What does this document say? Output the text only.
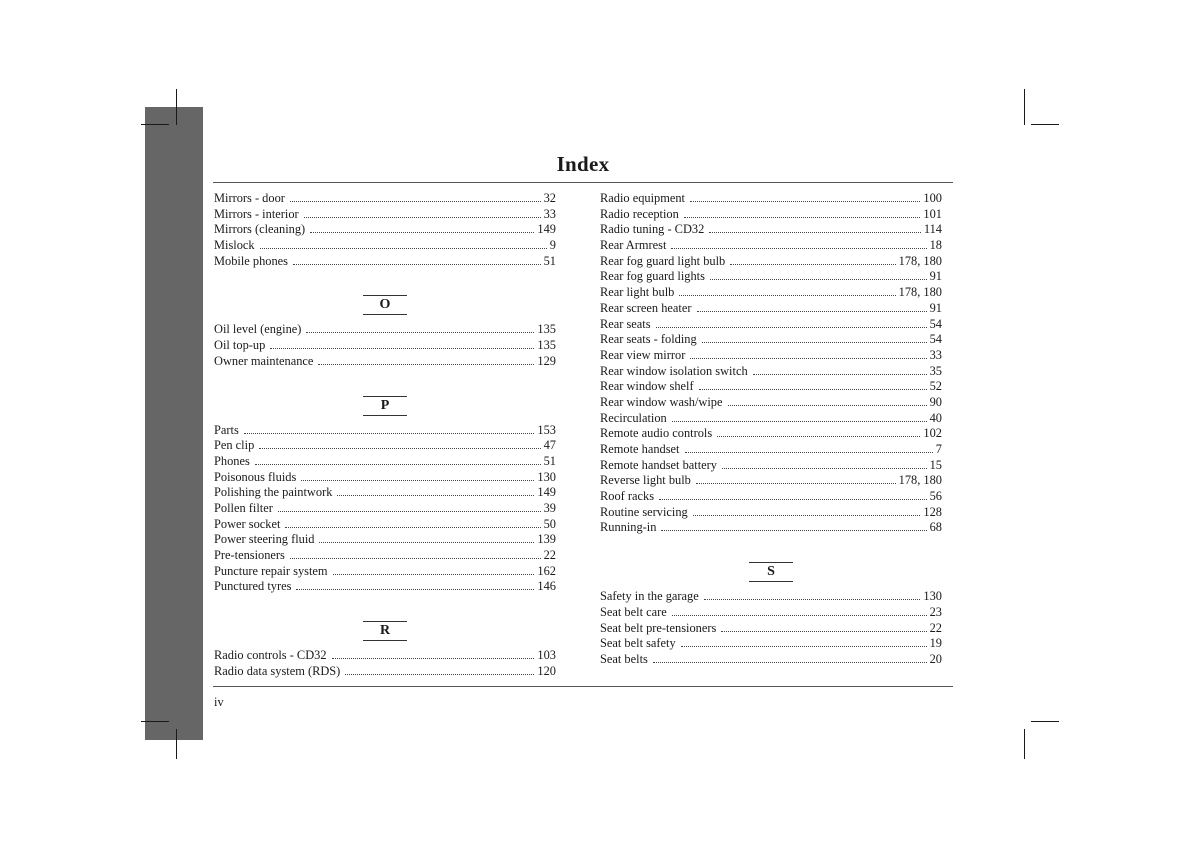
Index
Mirrors - door	32
Mirrors - interior	33
Mirrors (cleaning)	149
Mislock	9
Mobile phones	51
O
Oil level (engine)	135
Oil top-up	135
Owner maintenance	129
P
Parts	153
Pen clip	47
Phones	51
Poisonous fluids	130
Polishing the paintwork	149
Pollen filter	39
Power socket	50
Power steering fluid	139
Pre-tensioners	22
Puncture repair system	162
Punctured tyres	146
R
Radio controls - CD32	103
Radio data system (RDS)	120
Radio equipment	100
Radio reception	101
Radio tuning - CD32	114
Rear Armrest	18
Rear fog guard light bulb	178, 180
Rear fog guard lights	91
Rear light bulb	178, 180
Rear screen heater	91
Rear seats	54
Rear seats - folding	54
Rear view mirror	33
Rear window isolation switch	35
Rear window shelf	52
Rear window wash/wipe	90
Recirculation	40
Remote audio controls	102
Remote handset	7
Remote handset battery	15
Reverse light bulb	178, 180
Roof racks	56
Routine servicing	128
Running-in	68
S
Safety in the garage	130
Seat belt care	23
Seat belt pre-tensioners	22
Seat belt safety	19
Seat belts	20
iv
